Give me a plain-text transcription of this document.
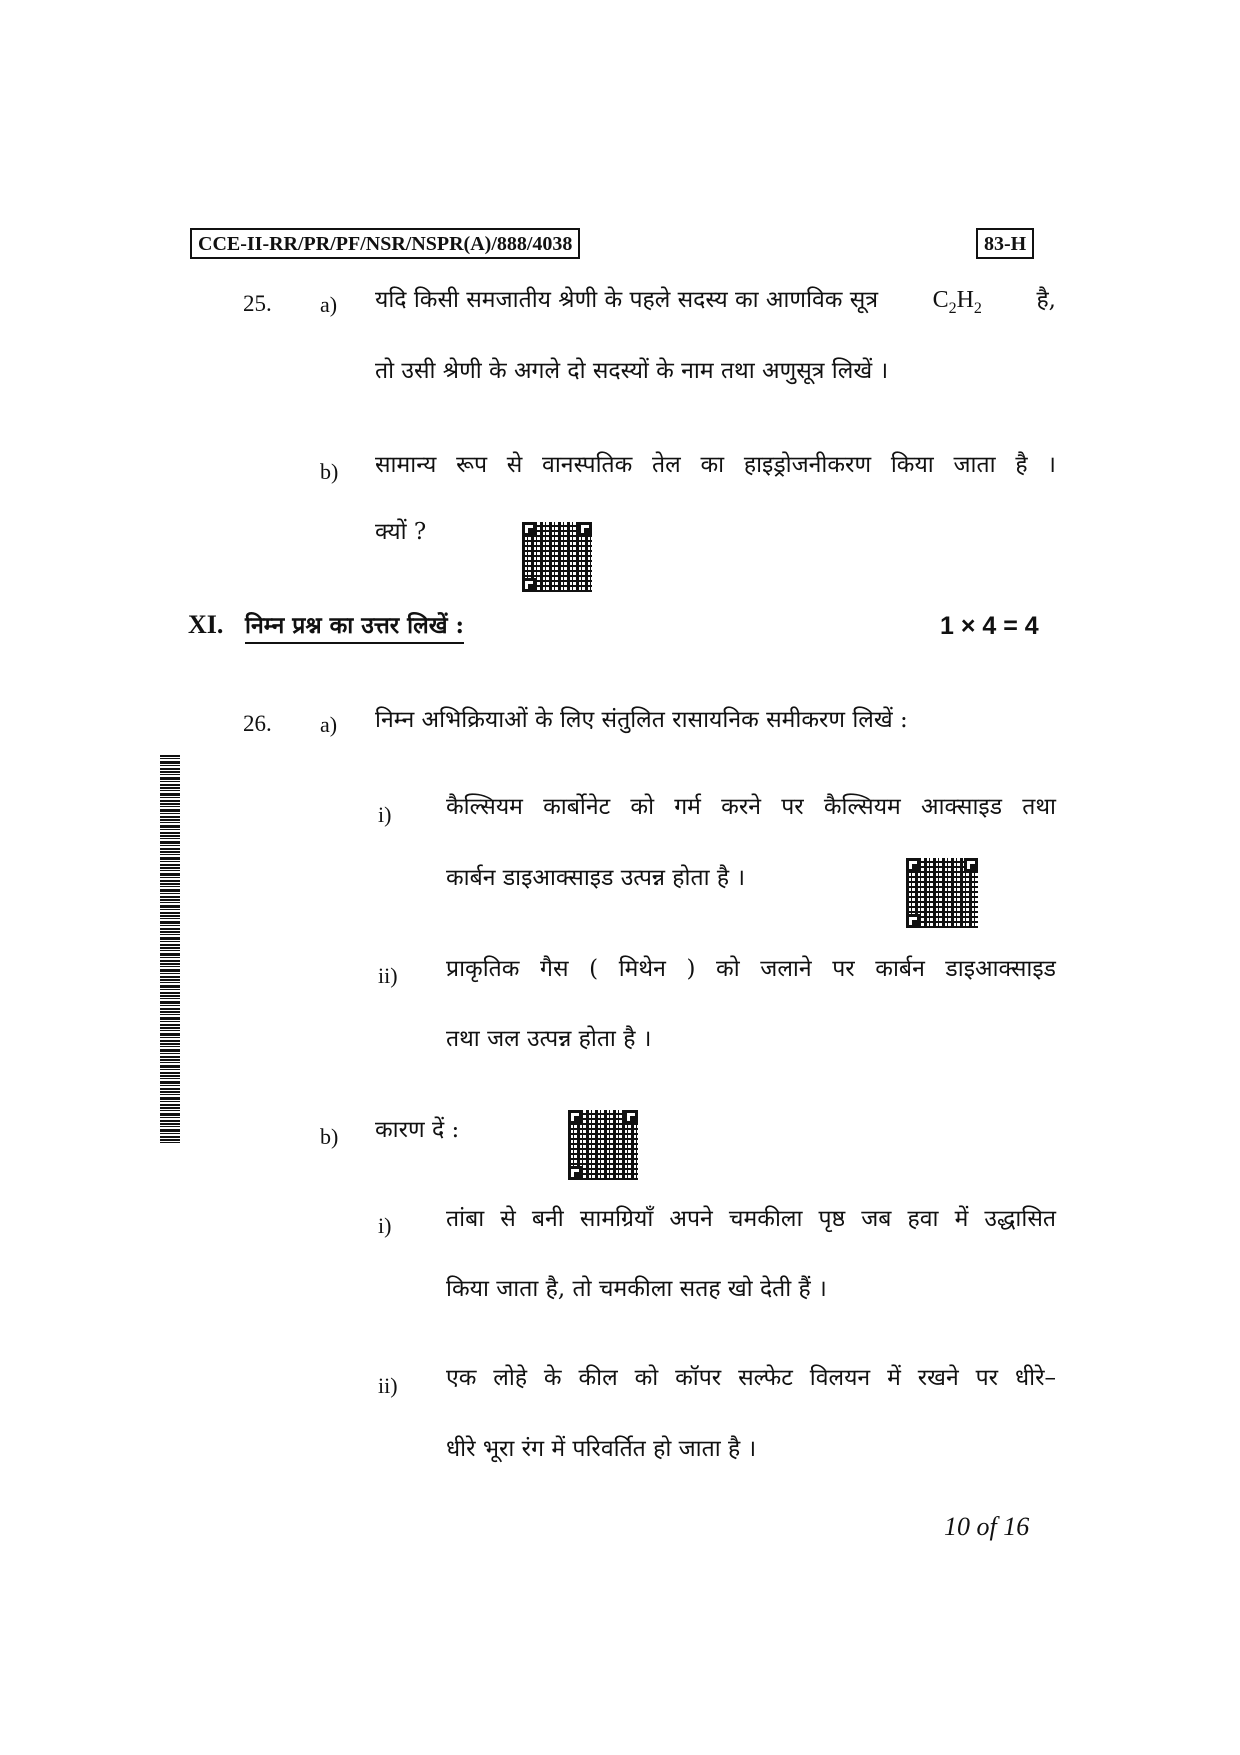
CCE-II-RR/PR/PF/NSR/NSPR(A)/888/4038	83-H
25. a) यदि किसी समजातीय श्रेणी के पहले सदस्य का आणविक सूत्र $C_2H_2$ है,
तो उसी श्रेणी के अगले दो सदस्यों के नाम तथा अणुसूत्र लिखें ।
b) सामान्य रूप से वानस्पतिक तेल का हाइड्रोजनीकरण किया जाता है ।
क्यों ?
XI. निम्न प्रश्न का उत्तर लिखें :	1 × 4 = 4
26. a) निम्न अभिक्रियाओं के लिए संतुलित रासायनिक समीकरण लिखें :
i) कैल्सियम कार्बोनेट को गर्म करने पर कैल्सियम आक्साइड तथा
कार्बन डाइआक्साइड उत्पन्न होता है ।
ii) प्राकृतिक गैस ( मिथेन ) को जलाने पर कार्बन डाइआक्साइड
तथा जल उत्पन्न होता है ।
b) कारण दें :
i) तांबा से बनी सामग्रियाँ अपने चमकीला पृष्ठ जब हवा में उद्धासित
किया जाता है, तो चमकीला सतह खो देती हैं ।
ii) एक लोहे के कील को कॉपर सल्फेट विलयन में रखने पर धीरे–
धीरे भूरा रंग में परिवर्तित हो जाता है ।
10 of 16
